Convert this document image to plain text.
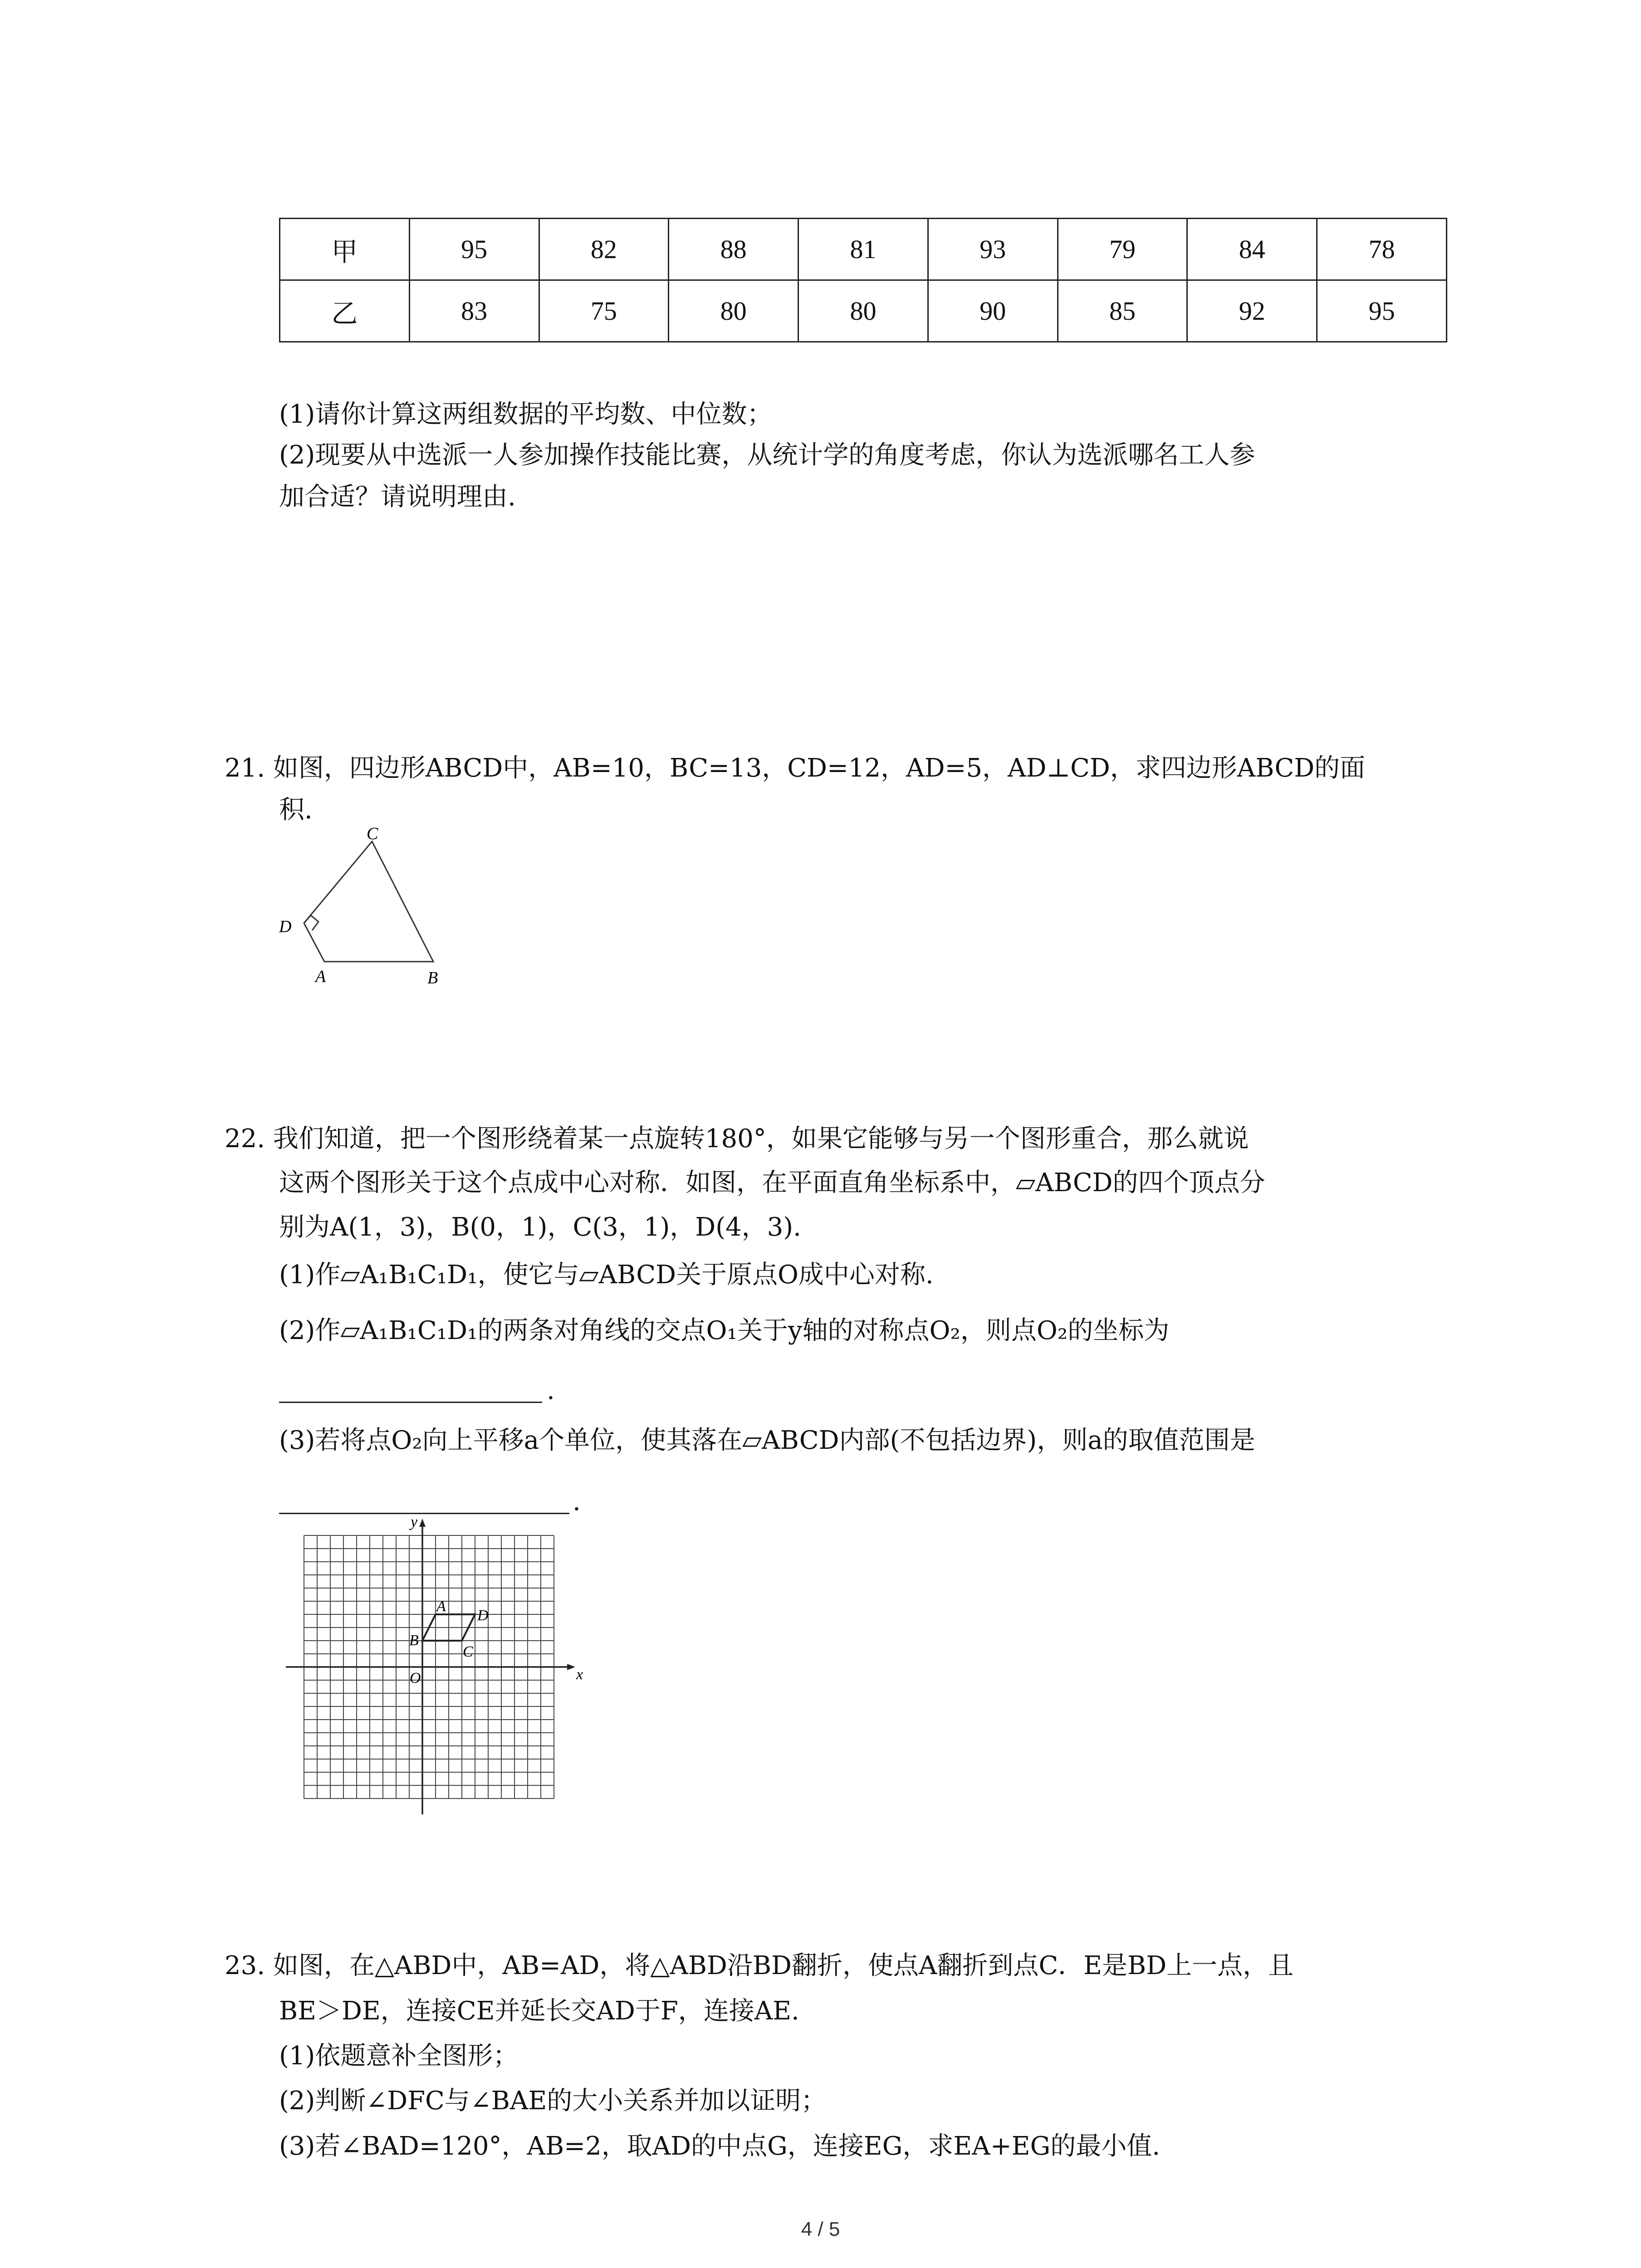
甲	95	82	88	81	93	79	84	78
乙	83	75	80	80	90	85	92	95
(1)请你计算这两组数据的平均数、中位数；
(2)现要从中选派一人参加操作技能比赛，从统计学的角度考虑，你认为选派哪名工人参
加合适？请说明理由.
21. 如图，四边形ABCD中，AB=10，BC=13，CD=12，AD=5，AD⊥CD，求四边形ABCD的面
积.
C
D
A	B
22. 我们知道，把一个图形绕着某一点旋转180°，如果它能够与另一个图形重合，那么就说
这两个图形关于这个点成中心对称．如图，在平面直角坐标系中，▱ABCD的四个顶点分
别为A(1，3)，B(0，1)，C(3，1)，D(4，3).
(1)作▱A₁B₁C₁D₁，使它与▱ABCD关于原点O成中心对称.
(2)作▱A₁B₁C₁D₁的两条对角线的交点O₁关于y轴的对称点O₂，则点O₂的坐标为
.
(3)若将点O₂向上平移a个单位，使其落在▱ABCD内部(不包括边界)，则a的取值范围是
.
x
y
O
A
B
C
D
23. 如图，在△ABD中，AB=AD，将△ABD沿BD翻折，使点A翻折到点C．E是BD上一点，且
BE＞DE，连接CE并延长交AD于F，连接AE.
(1)依题意补全图形；
(2)判断∠DFC与∠BAE的大小关系并加以证明；
(3)若∠BAD=120°，AB=2，取AD的中点G，连接EG，求EA+EG的最小值.
4 / 5
